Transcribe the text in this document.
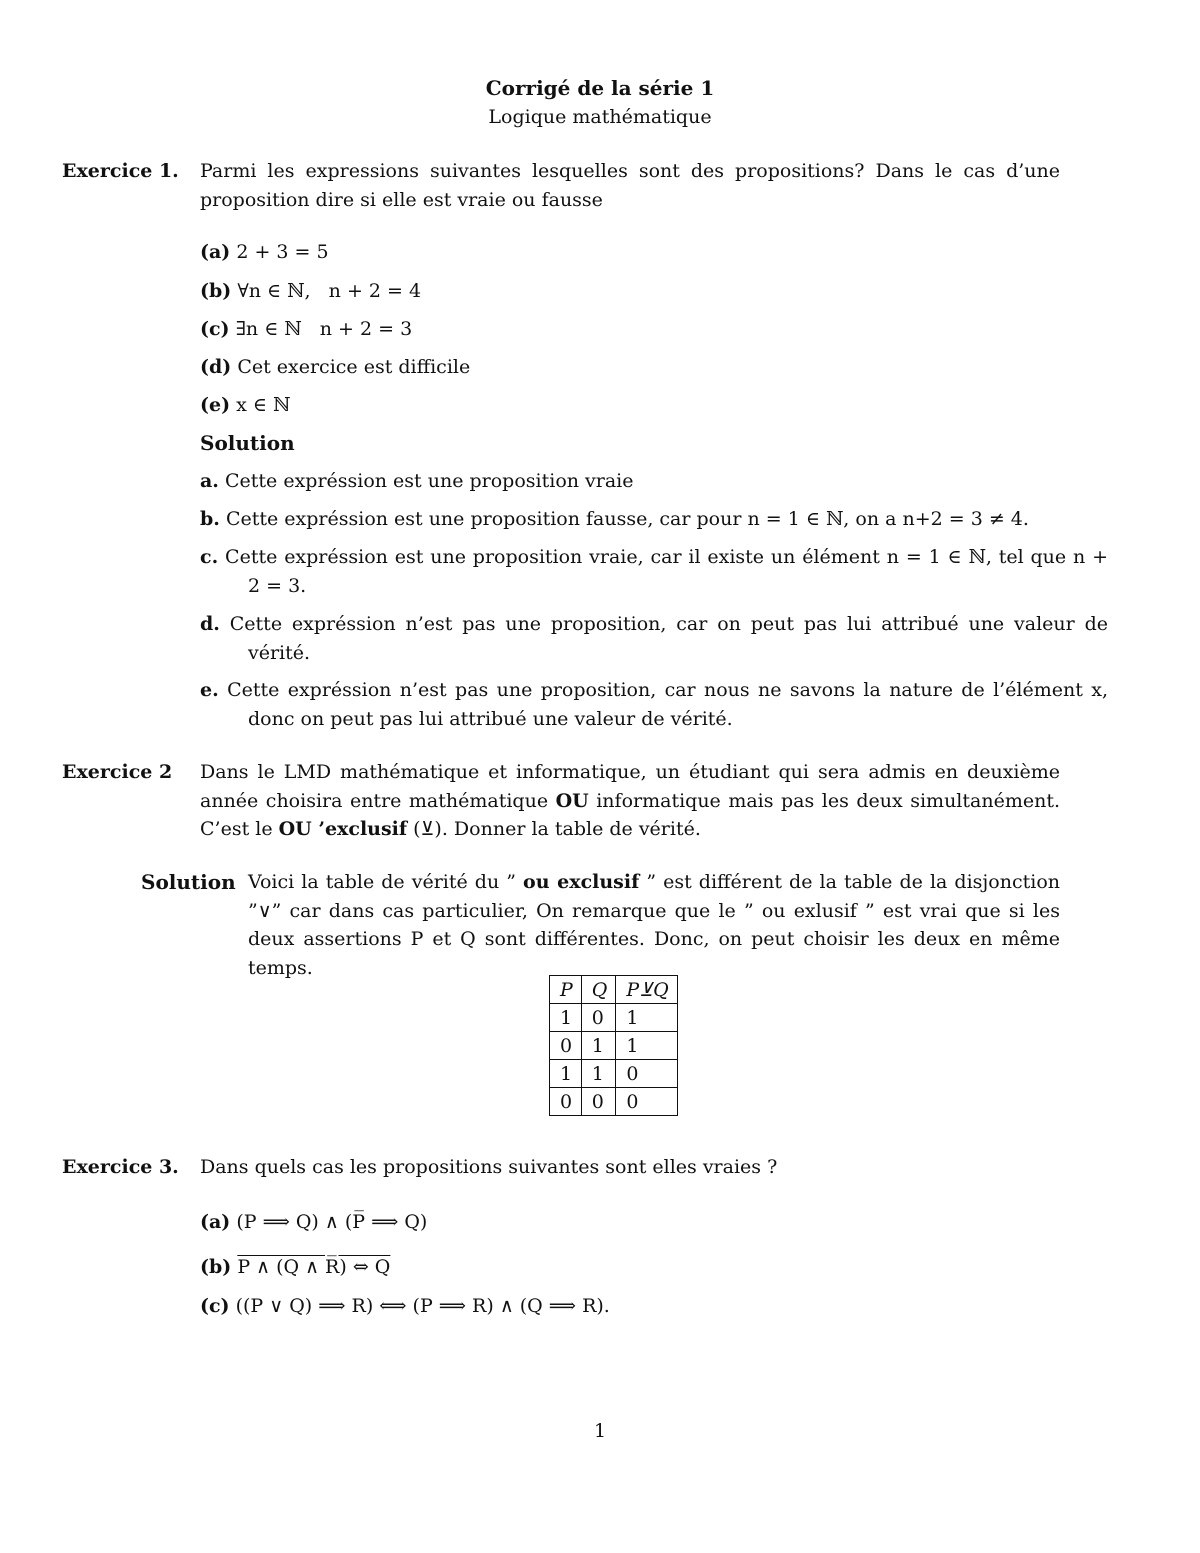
Corrigé de la série 1
Logique mathématique
Exercice 1. Parmi les expressions suivantes lesquelles sont des propositions? Dans le cas d’une proposition dire si elle est vraie ou fausse
(a) 2 + 3 = 5
(b) ∀n ∈ ℕ,   n + 2 = 4
(c) ∃n ∈ ℕ   n + 2 = 3
(d) Cet exercice est difficile
(e) x ∈ ℕ
Solution
a. Cette expréssion est une proposition vraie
b. Cette expréssion est une proposition fausse, car pour n = 1 ∈ ℕ, on a n+2 = 3 ≠ 4.
c. Cette expréssion est une proposition vraie, car il existe un élément n = 1 ∈ ℕ, tel que n + 2 = 3.
d. Cette expréssion n’est pas une proposition, car on peut pas lui attribué une valeur de vérité.
e. Cette expréssion n’est pas une proposition, car nous ne savons la nature de l’élément x, donc on peut pas lui attribué une valeur de vérité.
Exercice 2 Dans le LMD mathématique et informatique, un étudiant qui sera admis en deuxième année choisira entre mathématique OU informatique mais pas les deux simultanément. C’est le OU ’exclusif (⊻). Donner la table de vérité.
Solution Voici la table de vérité du ” ou exclusif ” est différent de la table de la disjonction ”∨” car dans cas particulier, On remarque que le ” ou exlusif ” est vrai que si les deux assertions P et Q sont différentes. Donc, on peut choisir les deux en même temps.
P	Q	P⊻Q
1	0	1
0	1	1
1	1	0
0	0	0
Exercice 3. Dans quels cas les propositions suivantes sont elles vraies ?
(a) (P ⟹ Q) ∧ (P̅ ⟹ Q)
(b) P ∧ (Q ∧ R̅) ⇔ Q
(c) ((P ∨ Q) ⟹ R) ⟺ (P ⟹ R) ∧ (Q ⟹ R).
1
